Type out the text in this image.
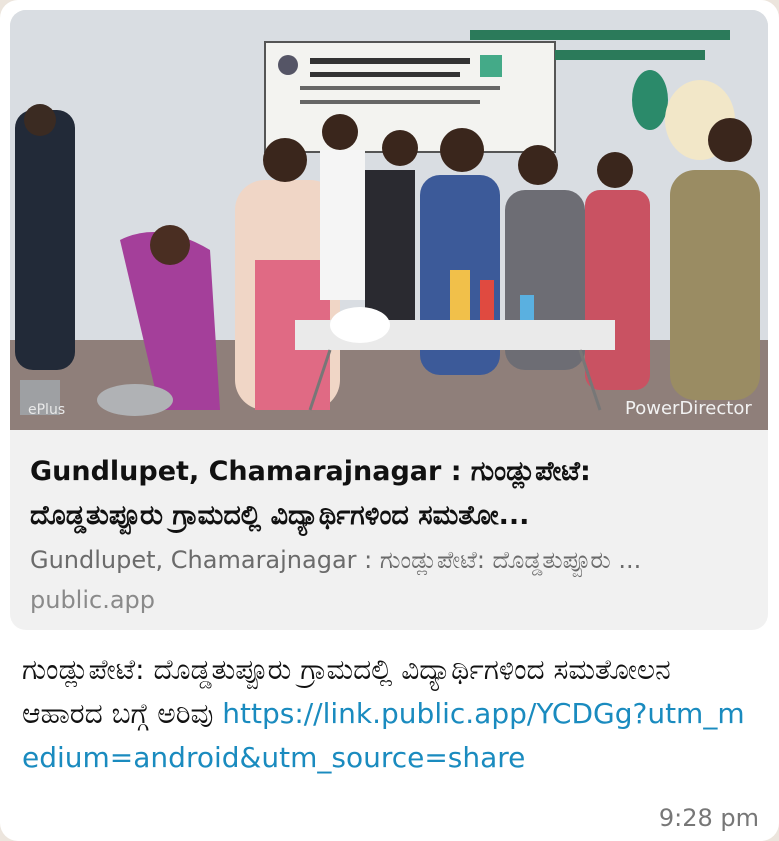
ePlus	PowerDirector
Gundlupet, Chamarajnagar : ಗುಂಡ್ಲುಪೇಟೆ:
ದೊಡ್ಡತುಪ್ಪೂರು ಗ್ರಾಮದಲ್ಲಿ ವಿದ್ಯಾರ್ಥಿಗಳಿಂದ ಸಮತೋ...
Gundlupet, Chamarajnagar : ಗುಂಡ್ಲುಪೇಟೆ: ದೊಡ್ಡತುಪ್ಪೂರು ...
public.app
ಗುಂಡ್ಲುಪೇಟೆ: ದೊಡ್ಡತುಪ್ಪೂರು ಗ್ರಾಮದಲ್ಲಿ ವಿದ್ಯಾರ್ಥಿಗಳಿಂದ ಸಮತೋಲನ ಆಹಾರದ ಬಗ್ಗೆ ಅರಿವು https://link.public.app/YCDGg?utm_medium=android&utm_source=share
9:28 pm
